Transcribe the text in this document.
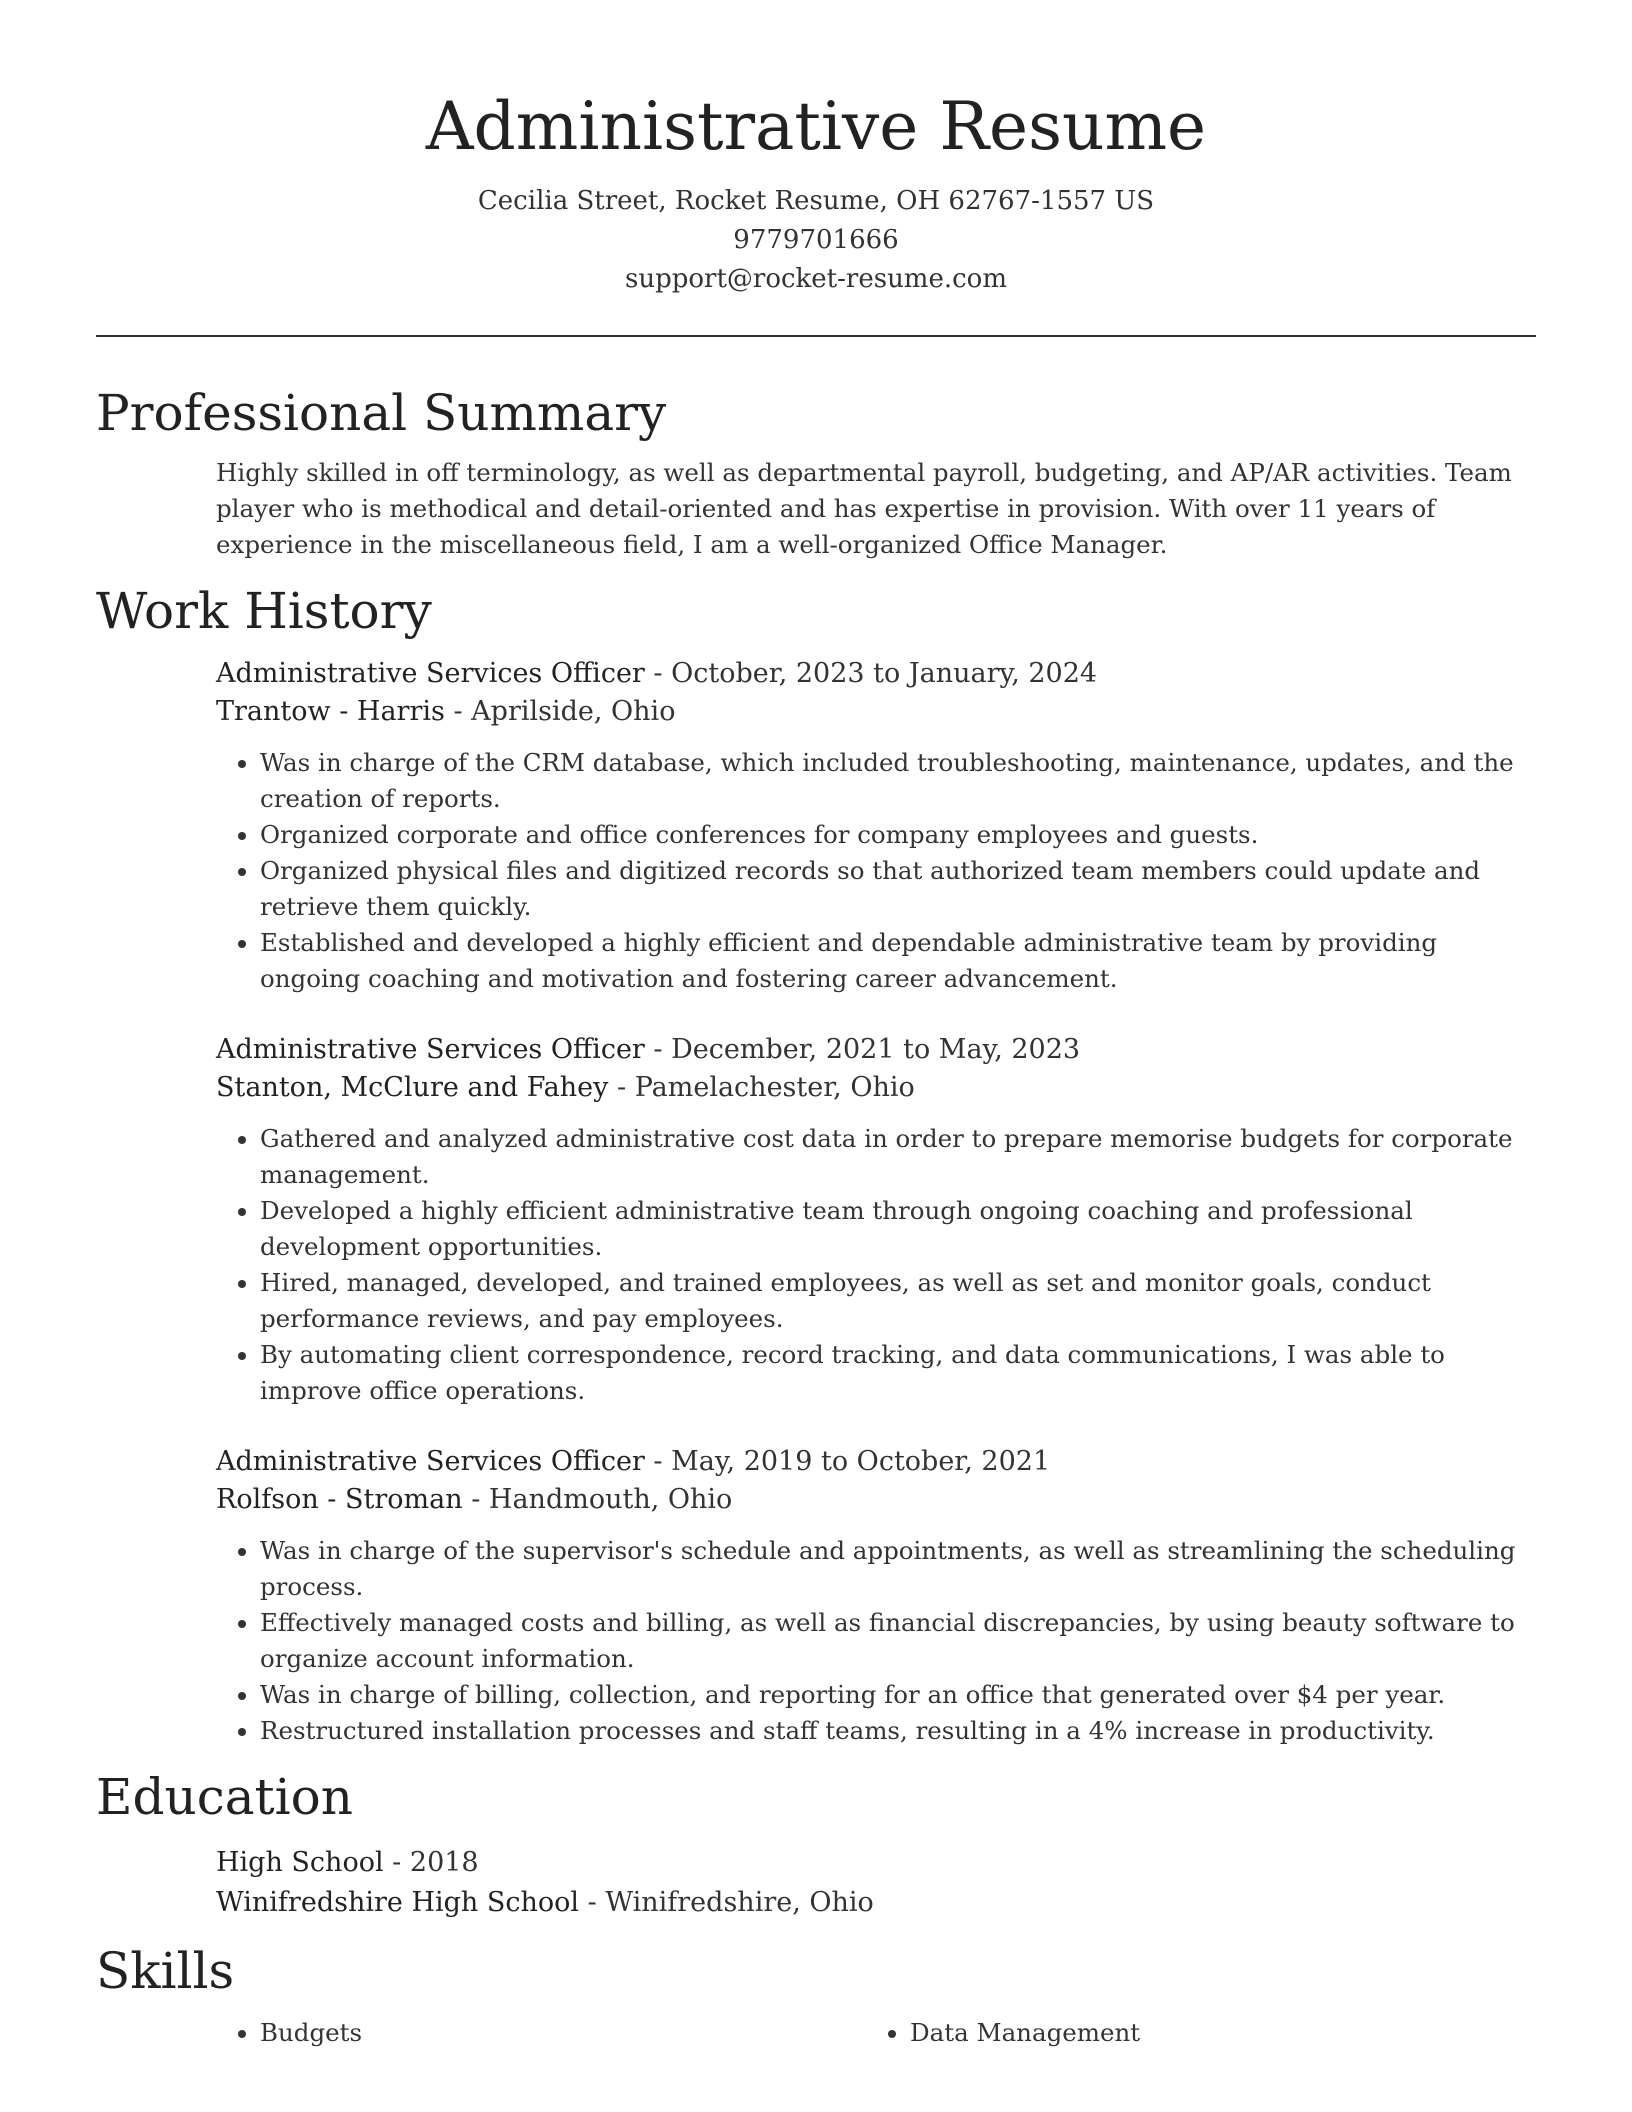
Administrative Resume
Cecilia Street, Rocket Resume, OH 62767-1557 US
9779701666
support@rocket-resume.com
Professional Summary
Highly skilled in off terminology, as well as departmental payroll, budgeting, and AP/AR activities. Team player who is methodical and detail-oriented and has expertise in provision. With over 11 years of experience in the miscellaneous field, I am a well-organized Office Manager.
Work History
Administrative Services Officer - October, 2023 to January, 2024
Trantow - Harris - Aprilside, Ohio
• Was in charge of the CRM database, which included troubleshooting, maintenance, updates, and the creation of reports.
• Organized corporate and office conferences for company employees and guests.
• Organized physical files and digitized records so that authorized team members could update and retrieve them quickly.
• Established and developed a highly efficient and dependable administrative team by providing ongoing coaching and motivation and fostering career advancement.
Administrative Services Officer - December, 2021 to May, 2023
Stanton, McClure and Fahey - Pamelachester, Ohio
• Gathered and analyzed administrative cost data in order to prepare memorise budgets for corporate management.
• Developed a highly efficient administrative team through ongoing coaching and professional development opportunities.
• Hired, managed, developed, and trained employees, as well as set and monitor goals, conduct performance reviews, and pay employees.
• By automating client correspondence, record tracking, and data communications, I was able to improve office operations.
Administrative Services Officer - May, 2019 to October, 2021
Rolfson - Stroman - Handmouth, Ohio
• Was in charge of the supervisor's schedule and appointments, as well as streamlining the scheduling process.
• Effectively managed costs and billing, as well as financial discrepancies, by using beauty software to organize account information.
• Was in charge of billing, collection, and reporting for an office that generated over $4 per year.
• Restructured installation processes and staff teams, resulting in a 4% increase in productivity.
Education
High School - 2018
Winifredshire High School - Winifredshire, Ohio
Skills
• Budgets
•	Data Management
